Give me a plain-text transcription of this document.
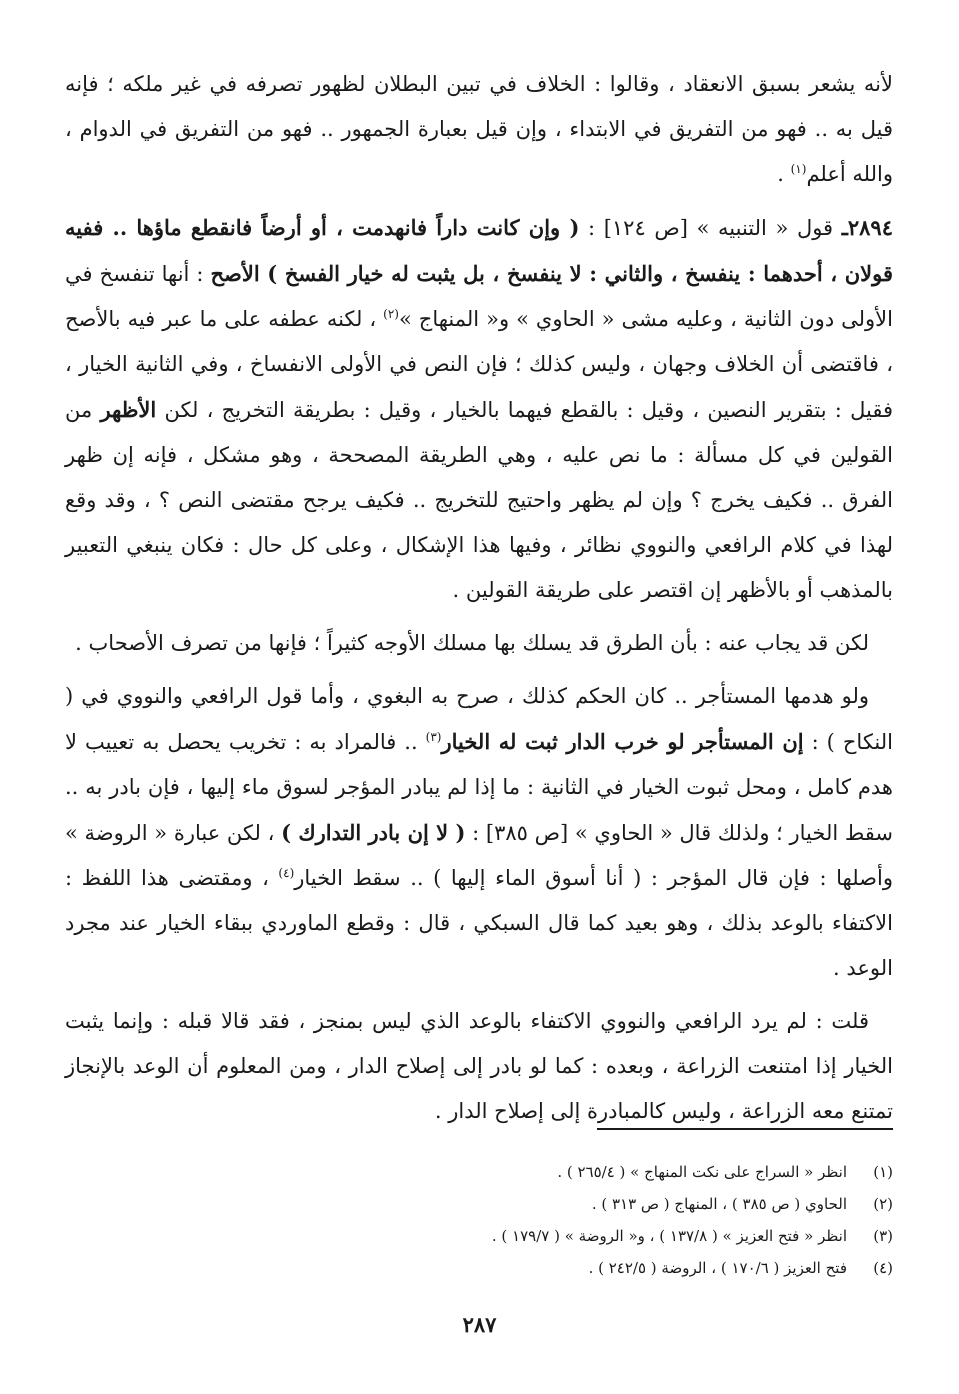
لأنه يشعر بسبق الانعقاد ، وقالوا : الخلاف في تبين البطلان لظهور تصرفه في غير ملكه ؛ فإنه قيل به .. فهو من التفريق في الابتداء ، وإن قيل بعبارة الجمهور .. فهو من التفريق في الدوام ، والله أعلم$^{(١)}$ .

٢٨٩٤ـ قول « التنبيه » [ص ١٢٤] : ( وإن كانت داراً فانهدمت ، أو أرضاً فانقطع ماؤها .. ففيه قولان ، أحدهما : ينفسخ ، والثاني : لا ينفسخ ، بل يثبت له خيار الفسخ ) الأصح : أنها تنفسخ في الأولى دون الثانية ، وعليه مشى « الحاوي » و« المنهاج »$^{(٢)}$ ، لكنه عطفه على ما عبر فيه بالأصح ، فاقتضى أن الخلاف وجهان ، وليس كذلك ؛ فإن النص في الأولى الانفساخ ، وفي الثانية الخيار ، فقيل : بتقرير النصين ، وقيل : بالقطع فيهما بالخيار ، وقيل : بطريقة التخريج ، لكن الأظهر من القولين في كل مسألة : ما نص عليه ، وهي الطريقة المصححة ، وهو مشكل ، فإنه إن ظهر الفرق .. فكيف يخرج ؟ وإن لم يظهر واحتيج للتخريج .. فكيف يرجح مقتضى النص ؟ ، وقد وقع لهذا في كلام الرافعي والنووي نظائر ، وفيها هذا الإشكال ، وعلى كل حال : فكان ينبغي التعبير بالمذهب أو بالأظهر إن اقتصر على طريقة القولين .

لكن قد يجاب عنه : بأن الطرق قد يسلك بها مسلك الأوجه كثيراً ؛ فإنها من تصرف الأصحاب .

ولو هدمها المستأجر .. كان الحكم كذلك ، صرح به البغوي ، وأما قول الرافعي والنووي في ( النكاح ) : إن المستأجر لو خرب الدار ثبت له الخيار$^{(٣)}$ .. فالمراد به : تخريب يحصل به تعييب لا هدم كامل ، ومحل ثبوت الخيار في الثانية : ما إذا لم يبادر المؤجر لسوق ماء إليها ، فإن بادر به .. سقط الخيار ؛ ولذلك قال « الحاوي » [ص ٣٨٥] : ( لا إن بادر التدارك ) ، لكن عبارة « الروضة » وأصلها : فإن قال المؤجر : ( أنا أسوق الماء إليها ) .. سقط الخيار$^{(٤)}$ ، ومقتضى هذا اللفظ : الاكتفاء بالوعد بذلك ، وهو بعيد كما قال السبكي ، قال : وقطع الماوردي ببقاء الخيار عند مجرد الوعد .

قلت : لم يرد الرافعي والنووي الاكتفاء بالوعد الذي ليس بمنجز ، فقد قالا قبله : وإنما يثبت الخيار إذا امتنعت الزراعة ، وبعده : كما لو بادر إلى إصلاح الدار ، ومن المعلوم أن الوعد بالإنجاز تمتنع معه الزراعة ، وليس كالمبادرة إلى إصلاح الدار .

(١)انظر « السراج على نكت المنهاج » ( ٢٦٥/٤ ) .
(٢)الحاوي ( ص ٣٨٥ ) ، المنهاج ( ص ٣١٣ ) .
(٣)انظر « فتح العزيز » ( ١٣٧/٨ ) ، و« الروضة » ( ١٧٩/٧ ) .
(٤)فتح العزيز ( ١٧٠/٦ ) ، الروضة ( ٢٤٢/٥ ) .
٢٨٧
